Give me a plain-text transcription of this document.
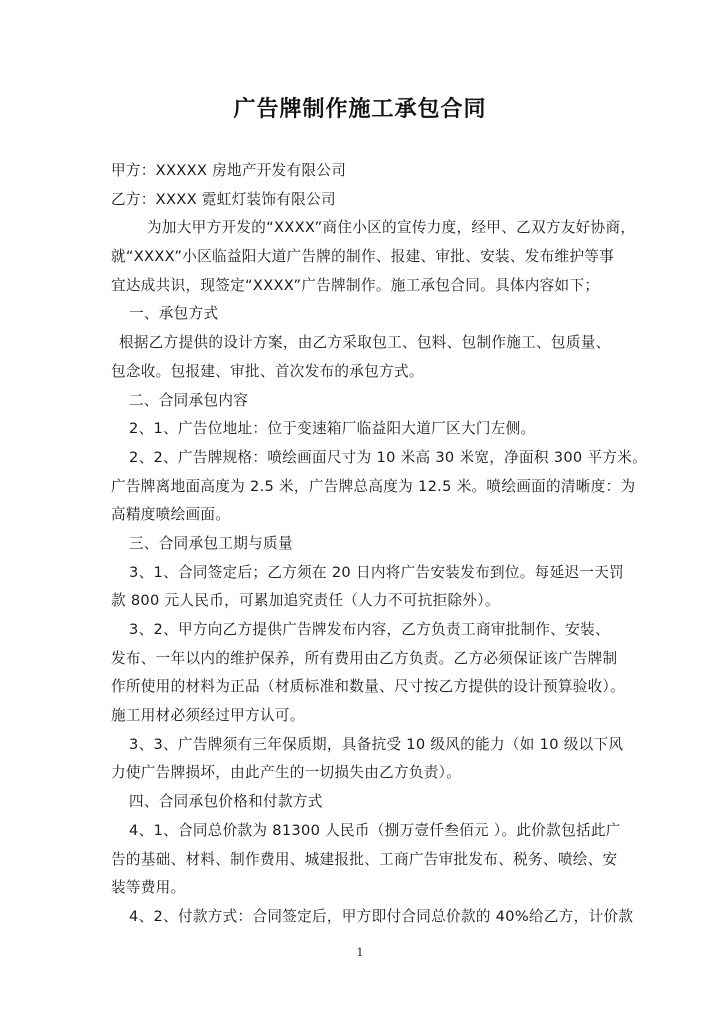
广告牌制作施工承包合同
甲方：XXXXX 房地产开发有限公司
乙方：XXXX 霓虹灯装饰有限公司
为加大甲方开发的“XXXX”商住小区的宣传力度，经甲、乙双方友好协商，
就“XXXX”小区临益阳大道广告牌的制作、报建、审批、安装、发布维护等事
宜达成共识，现签定“XXXX”广告牌制作。施工承包合同。具体内容如下；
一、承包方式
根据乙方提供的设计方案，由乙方采取包工、包料、包制作施工、包质量、
包念收。包报建、审批、首次发布的承包方式。
二、合同承包内容
2、1、广告位地址：位于变速箱厂临益阳大道厂区大门左侧。
2、2、广告牌规格：喷绘画面尺寸为 10 米高 30 米宽，净面积 300 平方米。
广告牌离地面高度为 2.5 米，广告牌总高度为 12.5 米。喷绘画面的清晰度：为
高精度喷绘画面。
三、合同承包工期与质量
3、1、合同签定后；乙方须在 20 日内将广告安装发布到位。每延迟一天罚
款 800 元人民币，可累加追究责任（人力不可抗拒除外）。
3、2、甲方向乙方提供广告牌发布内容，乙方负责工商审批制作、安装、
发布、一年以内的维护保养，所有费用由乙方负责。乙方必须保证该广告牌制
作所使用的材料为正品（材质标准和数量、尺寸按乙方提供的设计预算验收）。
施工用材必须经过甲方认可。
3、3、广告牌须有三年保质期，具备抗受 10 级风的能力（如 10 级以下风
力使广告牌损坏，由此产生的一切损失由乙方负责）。
四、合同承包价格和付款方式
4、1、合同总价款为 81300 人民币（捌万壹仟叁佰元 ）。此价款包括此广
告的基础、材料、制作费用、城建报批、工商广告审批发布、税务、喷绘、安
装等费用。
4、2、付款方式：合同签定后，甲方即付合同总价款的 40%给乙方，计价款
1
